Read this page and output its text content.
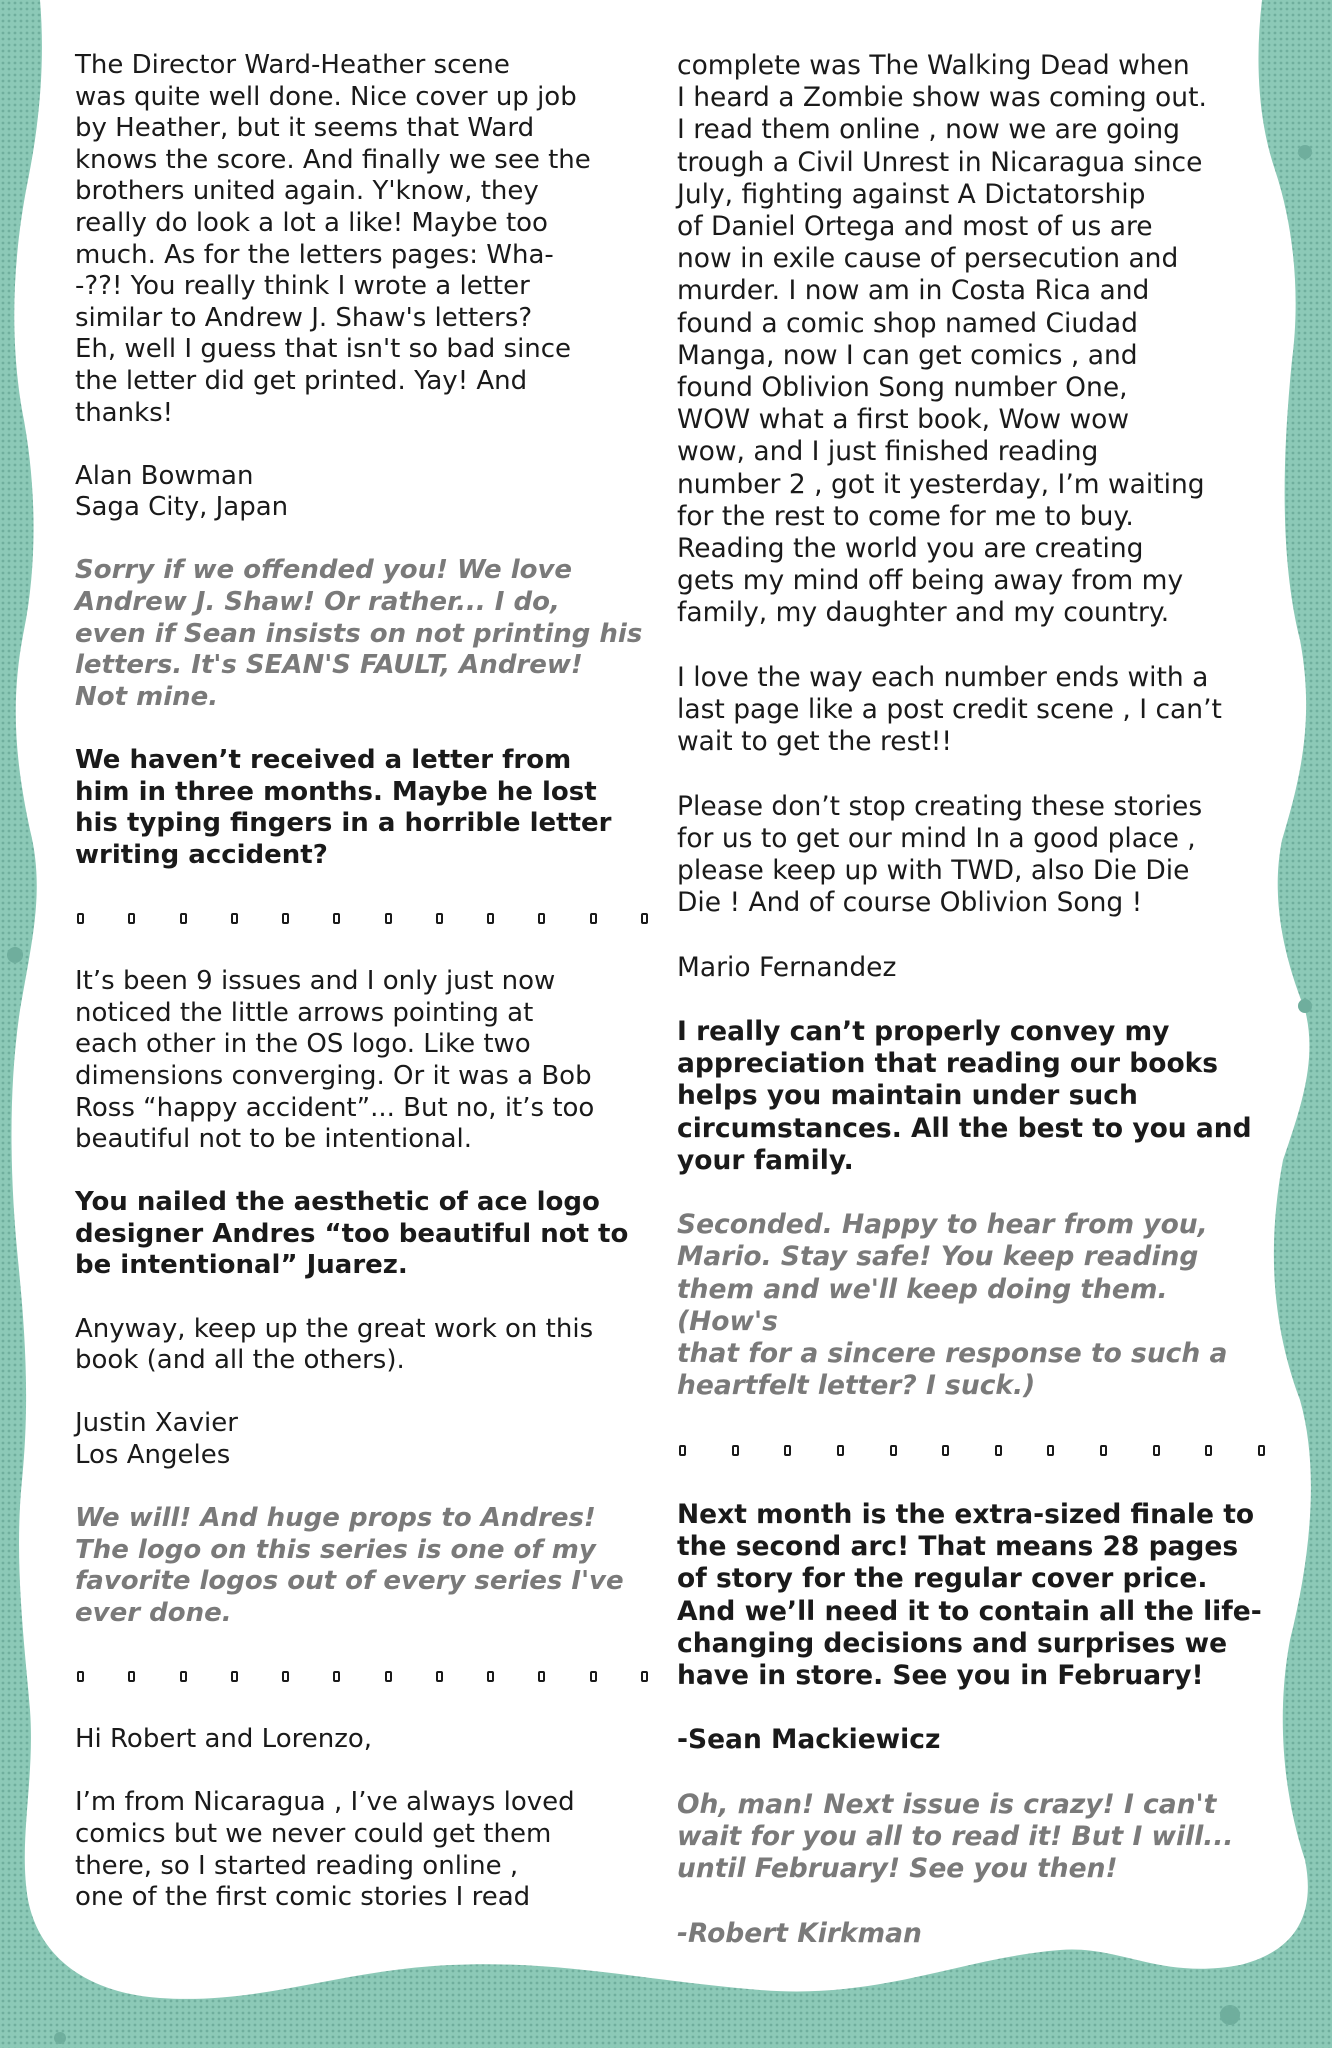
The Director Ward-Heather scene
was quite well done. Nice cover up job
by Heather, but it seems that Ward
knows the score. And finally we see the
brothers united again. Y'know, they
really do look a lot a like! Maybe too
much. As for the letters pages: Wha-
-??! You really think I wrote a letter
similar to Andrew J. Shaw's letters?
Eh, well I guess that isn't so bad since
the letter did get printed. Yay! And
thanks!

Alan Bowman
Saga City, Japan

Sorry if we offended you! We love
Andrew J. Shaw! Or rather... I do,
even if Sean insists on not printing his
letters. It's SEAN'S FAULT, Andrew!
Not mine.

We haven’t received a letter from
him in three months. Maybe he lost
his typing fingers in a horrible letter
writing accident?

It’s been 9 issues and I only just now
noticed the little arrows pointing at
each other in the OS logo. Like two
dimensions converging. Or it was a Bob
Ross “happy accident”... But no, it’s too
beautiful not to be intentional.

You nailed the aesthetic of ace logo
designer Andres “too beautiful not to
be intentional” Juarez.

Anyway, keep up the great work on this
book (and all the others).

Justin Xavier
Los Angeles

We will! And huge props to Andres!
The logo on this series is one of my
favorite logos out of every series I've
ever done.

Hi Robert and Lorenzo,

I’m from Nicaragua , I’ve always loved
comics but we never could get them
there, so I started reading online ,
one of the first comic stories I read

complete was The Walking Dead when
I heard a Zombie show was coming out.
I read them online , now we are going
trough a Civil Unrest in Nicaragua since
July, fighting against A Dictatorship
of Daniel Ortega and most of us are
now in exile cause of persecution and
murder. I now am in Costa Rica and
found a comic shop named Ciudad
Manga, now I can get comics , and
found Oblivion Song number One,
WOW what a first book, Wow wow
wow, and I just finished reading
number 2 , got it yesterday, I’m waiting
for the rest to come for me to buy.
Reading the world you are creating
gets my mind off being away from my
family, my daughter and my country.

I love the way each number ends with a
last page like a post credit scene , I can’t
wait to get the rest!!

Please don’t stop creating these stories
for us to get our mind In a good place ,
please keep up with TWD, also Die Die
Die ! And of course Oblivion Song !

Mario Fernandez

I really can’t properly convey my
appreciation that reading our books
helps you maintain under such
circumstances. All the best to you and
your family.

Seconded. Happy to hear from you,
Mario. Stay safe! You keep reading
them and we'll keep doing them. (How's
that for a sincere response to such a
heartfelt letter? I suck.)

Next month is the extra-sized finale to
the second arc! That means 28 pages
of story for the regular cover price.
And we’ll need it to contain all the life-
changing decisions and surprises we
have in store. See you in February!

-Sean Mackiewicz

Oh, man! Next issue is crazy! I can't
wait for you all to read it! But I will...
until February! See you then!

-Robert Kirkman
